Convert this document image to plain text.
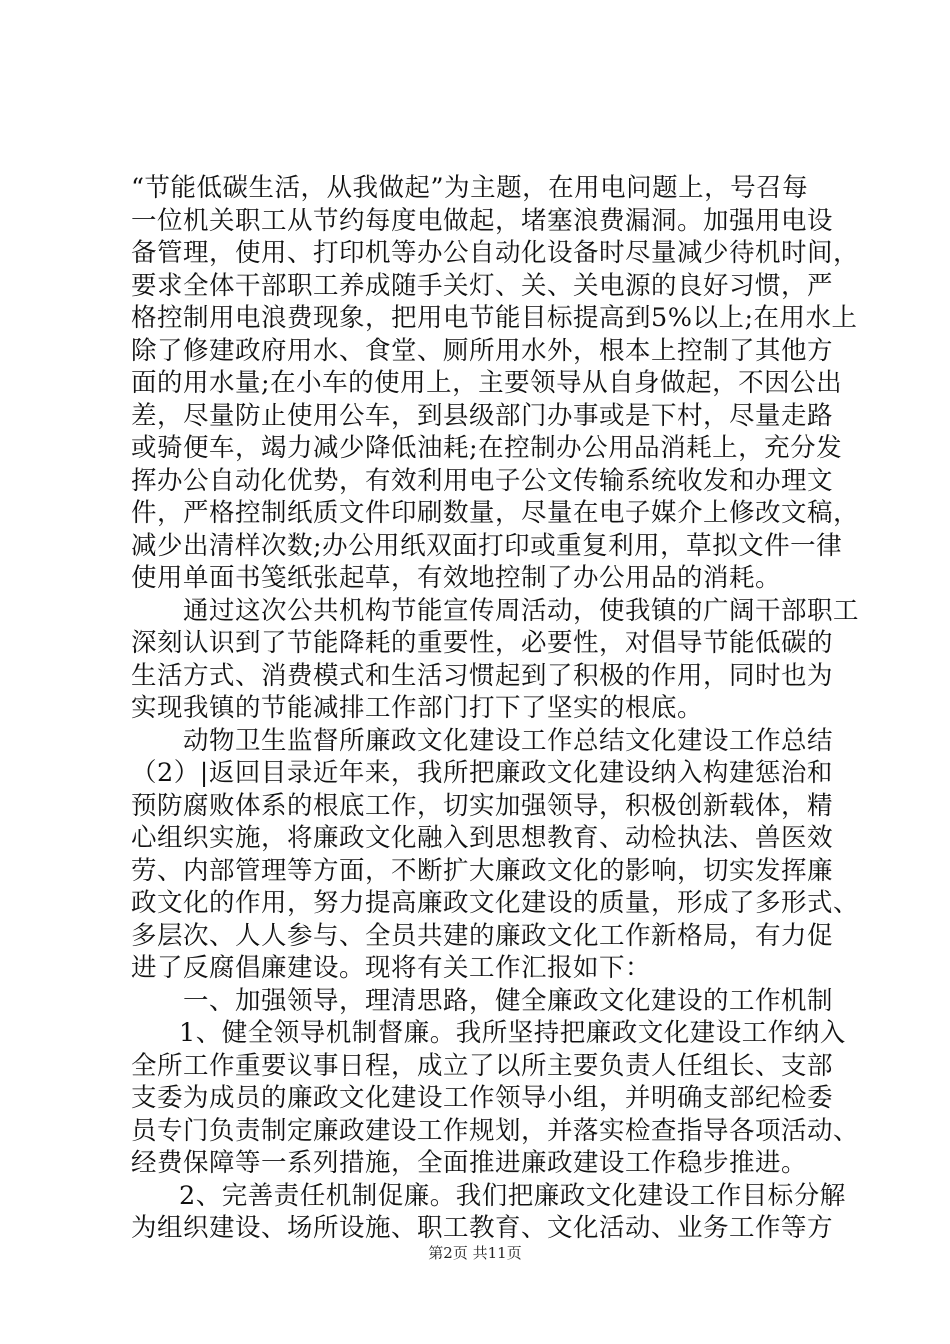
“节能低碳生活，从我做起”为主题，在用电问题上，号召每
一位机关职工从节约每度电做起，堵塞浪费漏洞。加强用电设
备管理，使用、打印机等办公自动化设备时尽量减少待机时间，
要求全体干部职工养成随手关灯、关、关电源的良好习惯，严
格控制用电浪费现象，把用电节能目标提高到5%以上;在用水上
除了修建政府用水、食堂、厕所用水外，根本上控制了其他方
面的用水量;在小车的使用上，主要领导从自身做起，不因公出
差，尽量防止使用公车，到县级部门办事或是下村，尽量走路
或骑便车，竭力减少降低油耗;在控制办公用品消耗上，充分发
挥办公自动化优势，有效利用电子公文传输系统收发和办理文
件，严格控制纸质文件印刷数量，尽量在电子媒介上修改文稿，
减少出清样次数;办公用纸双面打印或重复利用，草拟文件一律
使用单面书笺纸张起草，有效地控制了办公用品的消耗。
通过这次公共机构节能宣传周活动，使我镇的广阔干部职工
深刻认识到了节能降耗的重要性，必要性，对倡导节能低碳的
生活方式、消费模式和生活习惯起到了积极的作用，同时也为
实现我镇的节能减排工作部门打下了坚实的根底。
动物卫生监督所廉政文化建设工作总结文化建设工作总结
（2）|返回目录近年来，我所把廉政文化建设纳入构建惩治和
预防腐败体系的根底工作，切实加强领导，积极创新载体，精
心组织实施，将廉政文化融入到思想教育、动检执法、兽医效
劳、内部管理等方面，不断扩大廉政文化的影响，切实发挥廉
政文化的作用，努力提高廉政文化建设的质量，形成了多形式、
多层次、人人参与、全员共建的廉政文化工作新格局，有力促
进了反腐倡廉建设。现将有关工作汇报如下：
一、加强领导，理清思路，健全廉政文化建设的工作机制
1、健全领导机制督廉。我所坚持把廉政文化建设工作纳入
全所工作重要议事日程，成立了以所主要负责人任组长、支部
支委为成员的廉政文化建设工作领导小组，并明确支部纪检委
员专门负责制定廉政建设工作规划，并落实检查指导各项活动、
经费保障等一系列措施，全面推进廉政建设工作稳步推进。
2、完善责任机制促廉。我们把廉政文化建设工作目标分解
为组织建设、场所设施、职工教育、文化活动、业务工作等方
第2页 共11页
